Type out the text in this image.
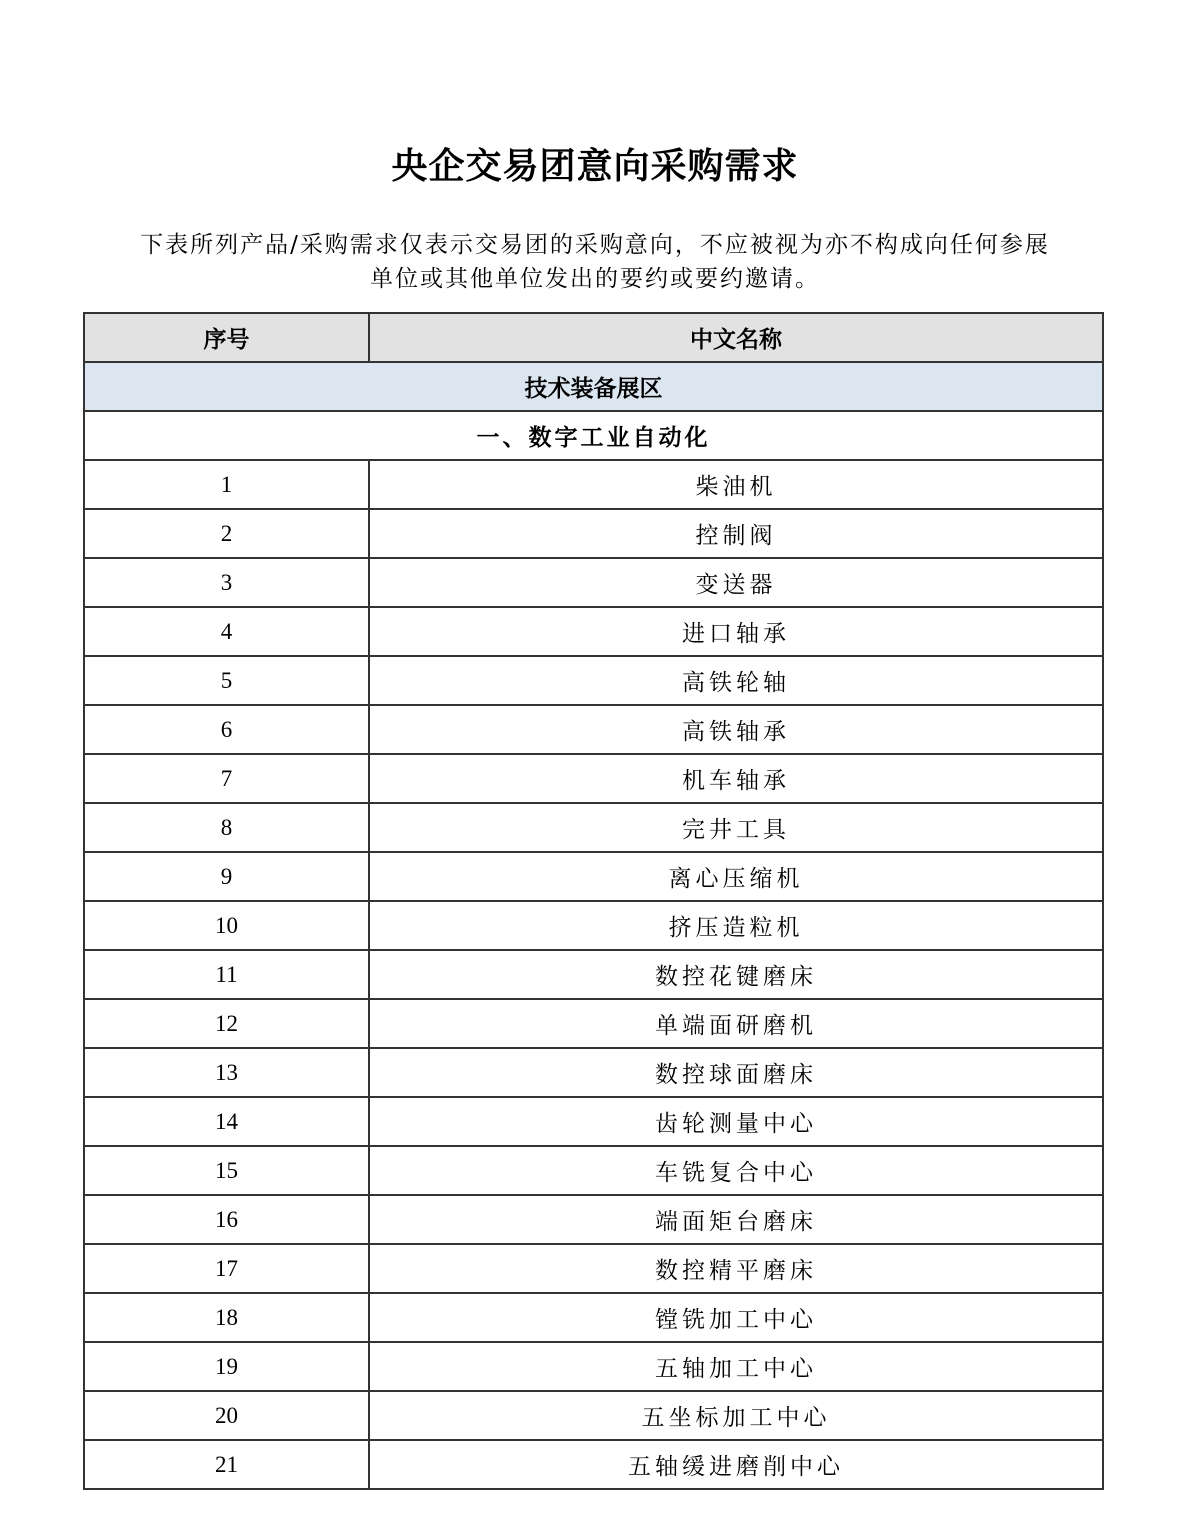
央企交易团意向采购需求
下表所列产品/采购需求仅表示交易团的采购意向，不应被视为亦不构成向任何参展
单位或其他单位发出的要约或要约邀请。
序号	中文名称
技术装备展区	
一、数字工业自动化	
1	柴油机
2	控制阀
3	变送器
4	进口轴承
5	高铁轮轴
6	高铁轴承
7	机车轴承
8	完井工具
9	离心压缩机
10	挤压造粒机
11	数控花键磨床
12	单端面研磨机
13	数控球面磨床
14	齿轮测量中心
15	车铣复合中心
16	端面矩台磨床
17	数控精平磨床
18	镗铣加工中心
19	五轴加工中心
20	五坐标加工中心
21	五轴缓进磨削中心
